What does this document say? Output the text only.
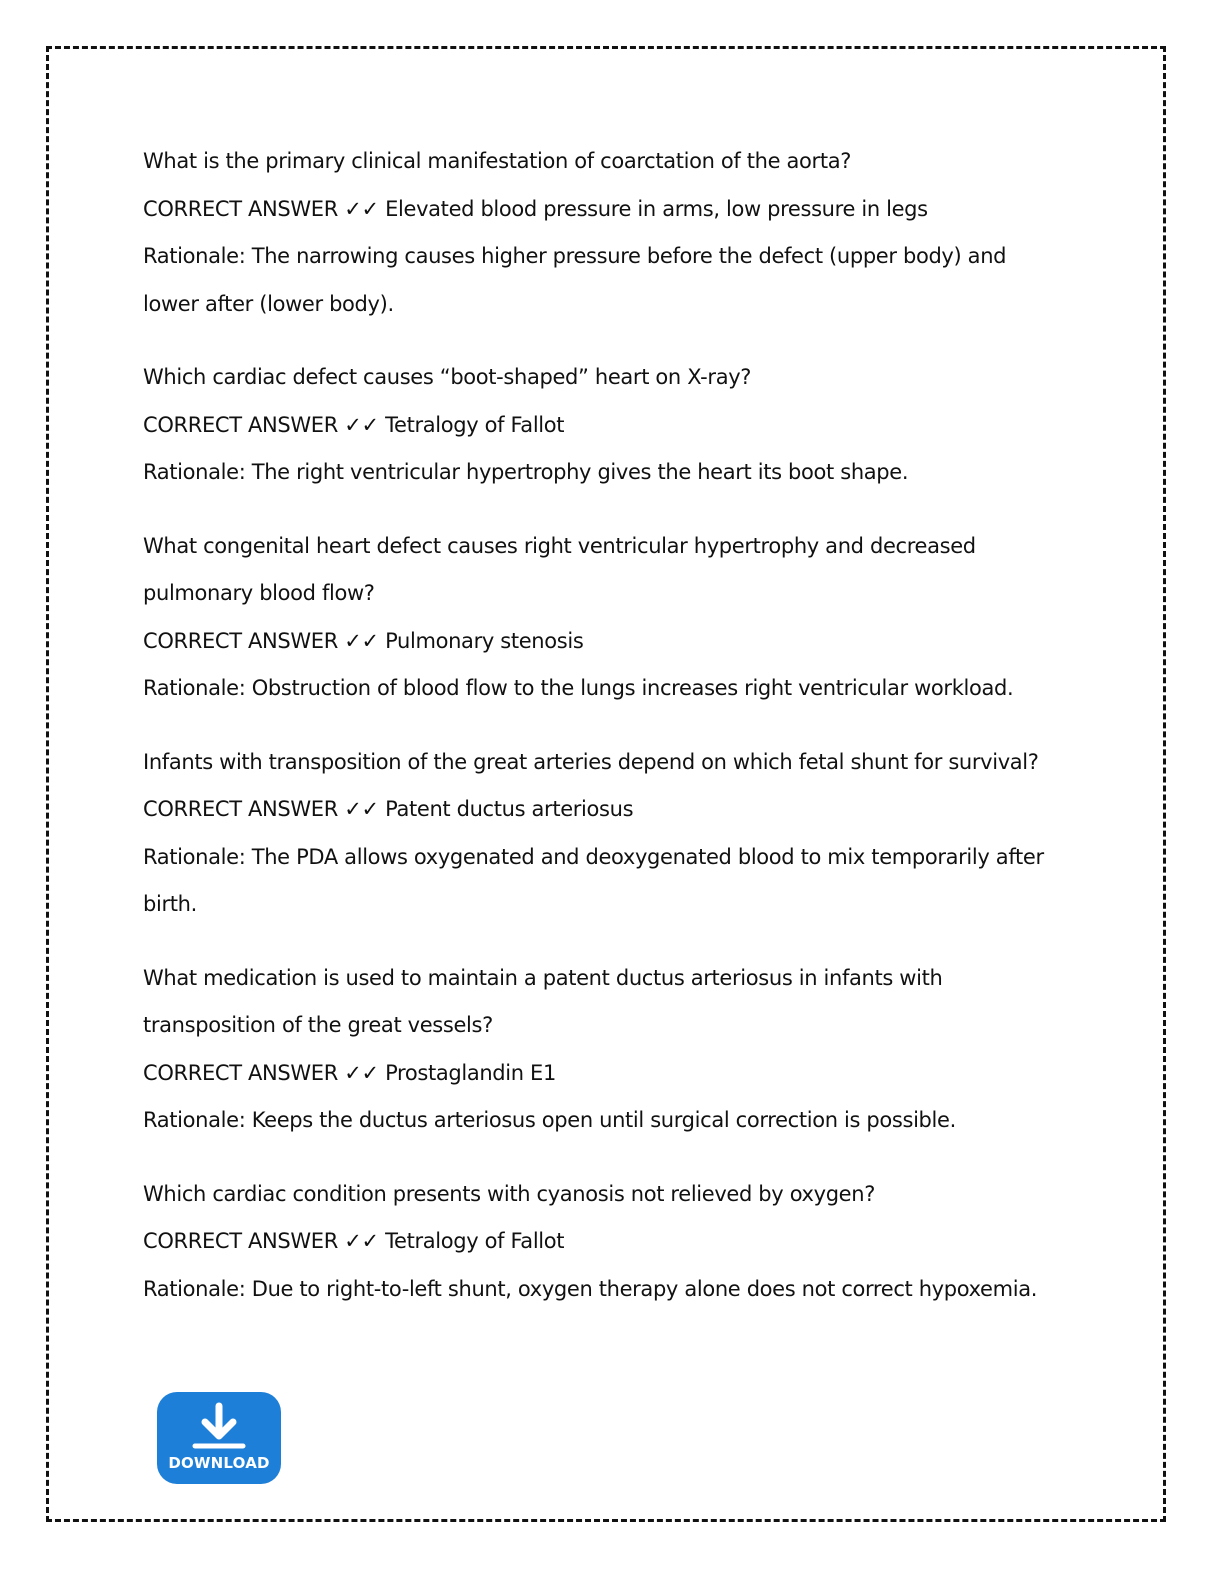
What is the primary clinical manifestation of coarctation of the aorta?

CORRECT ANSWER ✓✓ Elevated blood pressure in arms, low pressure in legs

Rationale: The narrowing causes higher pressure before the defect (upper body) and

lower after (lower body).

Which cardiac defect causes “boot-shaped” heart on X-ray?

CORRECT ANSWER ✓✓ Tetralogy of Fallot

Rationale: The right ventricular hypertrophy gives the heart its boot shape.

What congenital heart defect causes right ventricular hypertrophy and decreased

pulmonary blood flow?

CORRECT ANSWER ✓✓ Pulmonary stenosis

Rationale: Obstruction of blood flow to the lungs increases right ventricular workload.

Infants with transposition of the great arteries depend on which fetal shunt for survival?

CORRECT ANSWER ✓✓ Patent ductus arteriosus

Rationale: The PDA allows oxygenated and deoxygenated blood to mix temporarily after

birth.

What medication is used to maintain a patent ductus arteriosus in infants with

transposition of the great vessels?

CORRECT ANSWER ✓✓ Prostaglandin E1

Rationale: Keeps the ductus arteriosus open until surgical correction is possible.

Which cardiac condition presents with cyanosis not relieved by oxygen?

CORRECT ANSWER ✓✓ Tetralogy of Fallot

Rationale: Due to right-to-left shunt, oxygen therapy alone does not correct hypoxemia.

DOWNLOAD
